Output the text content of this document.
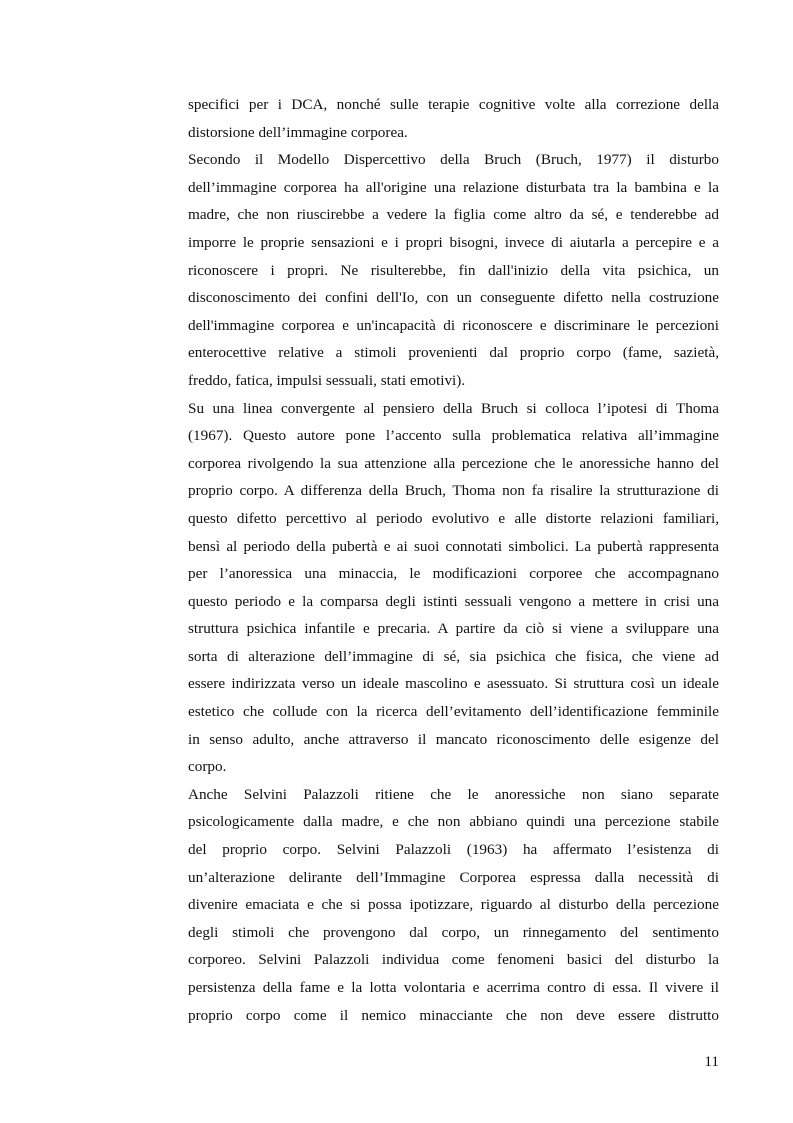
specifici per i DCA, nonché sulle terapie cognitive volte alla correzione della
distorsione dell’immagine corporea.
Secondo il Modello Dispercettivo della Bruch (Bruch, 1977) il disturbo
dell’immagine corporea ha all'origine una relazione disturbata tra la bambina e la
madre, che non riuscirebbe a vedere la figlia come altro da sé, e tenderebbe ad
imporre le proprie sensazioni e i propri bisogni, invece di aiutarla a percepire e a
riconoscere i propri. Ne risulterebbe, fin dall'inizio della vita psichica, un
disconoscimento dei confini dell'Io, con un conseguente difetto nella costruzione
dell'immagine corporea e un'incapacità di riconoscere e discriminare le percezioni
enterocettive relative a stimoli provenienti dal proprio corpo (fame, sazietà,
freddo, fatica, impulsi sessuali, stati emotivi).
Su una linea convergente al pensiero della Bruch si colloca l’ipotesi di Thoma
(1967). Questo autore pone l’accento sulla problematica relativa all’immagine
corporea rivolgendo la sua attenzione alla percezione che le anoressiche hanno del
proprio corpo. A differenza della Bruch, Thoma non fa risalire la strutturazione di
questo difetto percettivo al periodo evolutivo e alle distorte relazioni familiari,
bensì al periodo della pubertà e ai suoi connotati simbolici. La pubertà rappresenta
per l’anoressica una minaccia, le modificazioni corporee che accompagnano
questo periodo e la comparsa degli istinti sessuali vengono a mettere in crisi una
struttura psichica infantile e precaria. A partire da ciò si viene a sviluppare una
sorta di alterazione dell’immagine di sé, sia psichica che fisica, che viene ad
essere indirizzata verso un ideale mascolino e asessuato. Si struttura così un ideale
estetico che collude con la ricerca dell’evitamento dell’identificazione femminile
in senso adulto, anche attraverso il mancato riconoscimento delle esigenze del
corpo.
Anche Selvini Palazzoli ritiene che le anoressiche non siano separate
psicologicamente dalla madre, e che non abbiano quindi una percezione stabile
del proprio corpo. Selvini Palazzoli (1963) ha affermato l’esistenza di
un’alterazione delirante dell’Immagine Corporea espressa dalla necessità di
divenire emaciata e che si possa ipotizzare, riguardo al disturbo della percezione
degli stimoli che provengono dal corpo, un rinnegamento del sentimento
corporeo. Selvini Palazzoli individua come fenomeni basici del disturbo la
persistenza della fame e la lotta volontaria e acerrima contro di essa. Il vivere il
proprio corpo come il nemico minacciante che non deve essere distrutto
11
